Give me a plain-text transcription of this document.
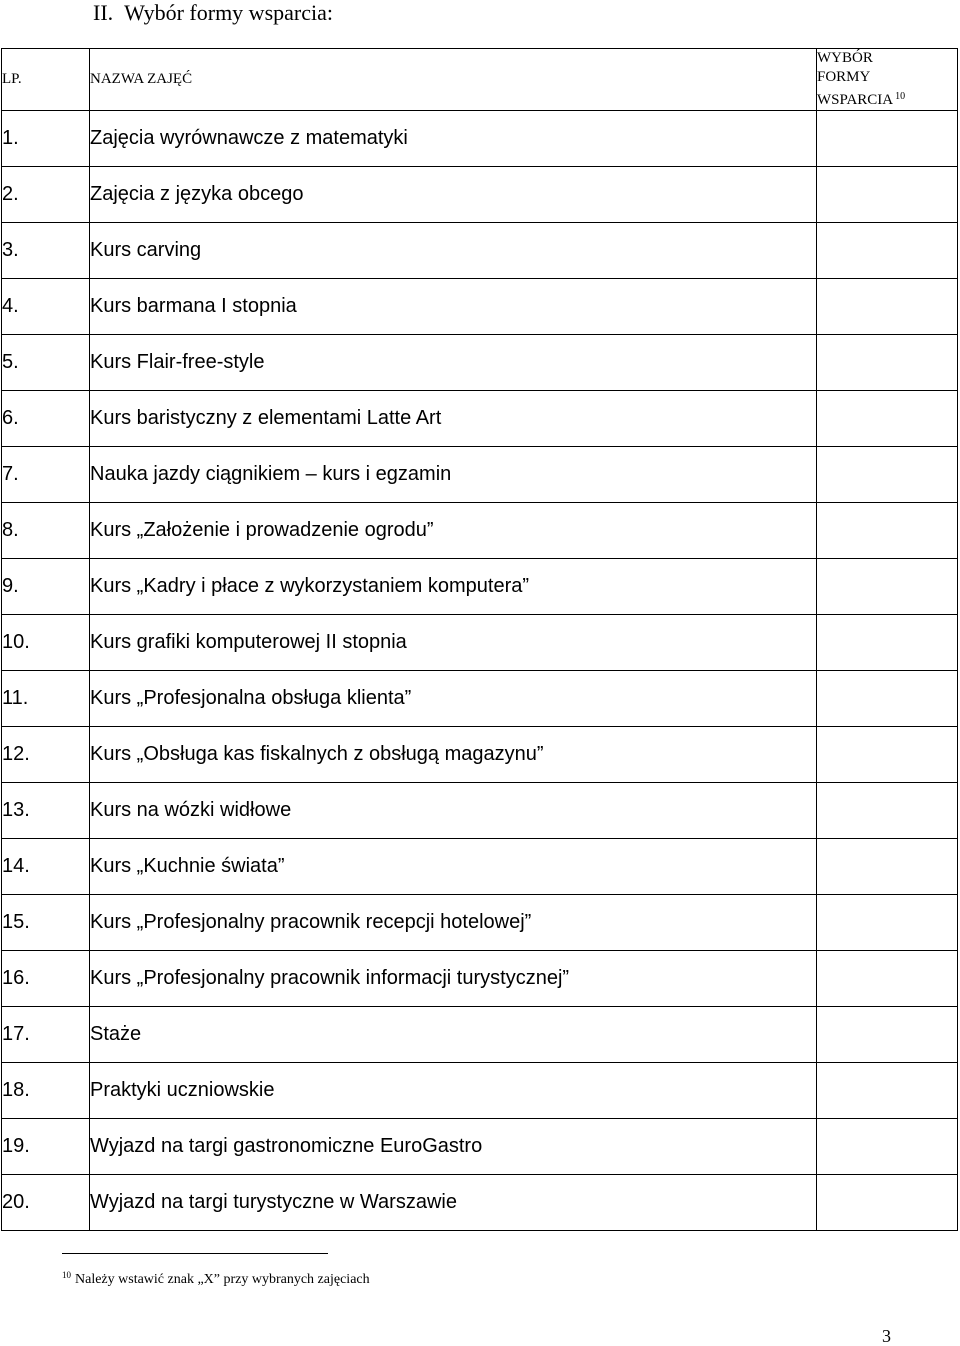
II.  Wybór formy wsparcia:
LP.	NAZWA ZAJĘĆ	WYBÓR
FORMY
WSPARCIA $^{10}$

1.	Zajęcia wyrównawcze z matematyki	
2.	Zajęcia z języka obcego	
3.	Kurs carving	
4.	Kurs barmana I stopnia	
5.	Kurs Flair-free-style	
6.	Kurs baristyczny z elementami Latte Art	
7.	Nauka jazdy ciągnikiem – kurs i egzamin	
8.	Kurs „Założenie i prowadzenie ogrodu”	
9.	Kurs „Kadry i płace z wykorzystaniem komputera”	
10.	Kurs grafiki komputerowej II stopnia	
11.	Kurs „Profesjonalna obsługa klienta”	
12.	Kurs „Obsługa kas fiskalnych z obsługą magazynu”	
13.	Kurs na wózki widłowe	
14.	Kurs „Kuchnie świata”	
15.	Kurs „Profesjonalny pracownik recepcji hotelowej”	
16.	Kurs „Profesjonalny pracownik informacji turystycznej”	
17.	Staże	
18.	Praktyki uczniowskie	
19.	Wyjazd na targi gastronomiczne EuroGastro	
20.	Wyjazd na targi turystyczne w Warszawie	
$^{10}$ Należy wstawić znak „X” przy wybranych zajęciach
3
